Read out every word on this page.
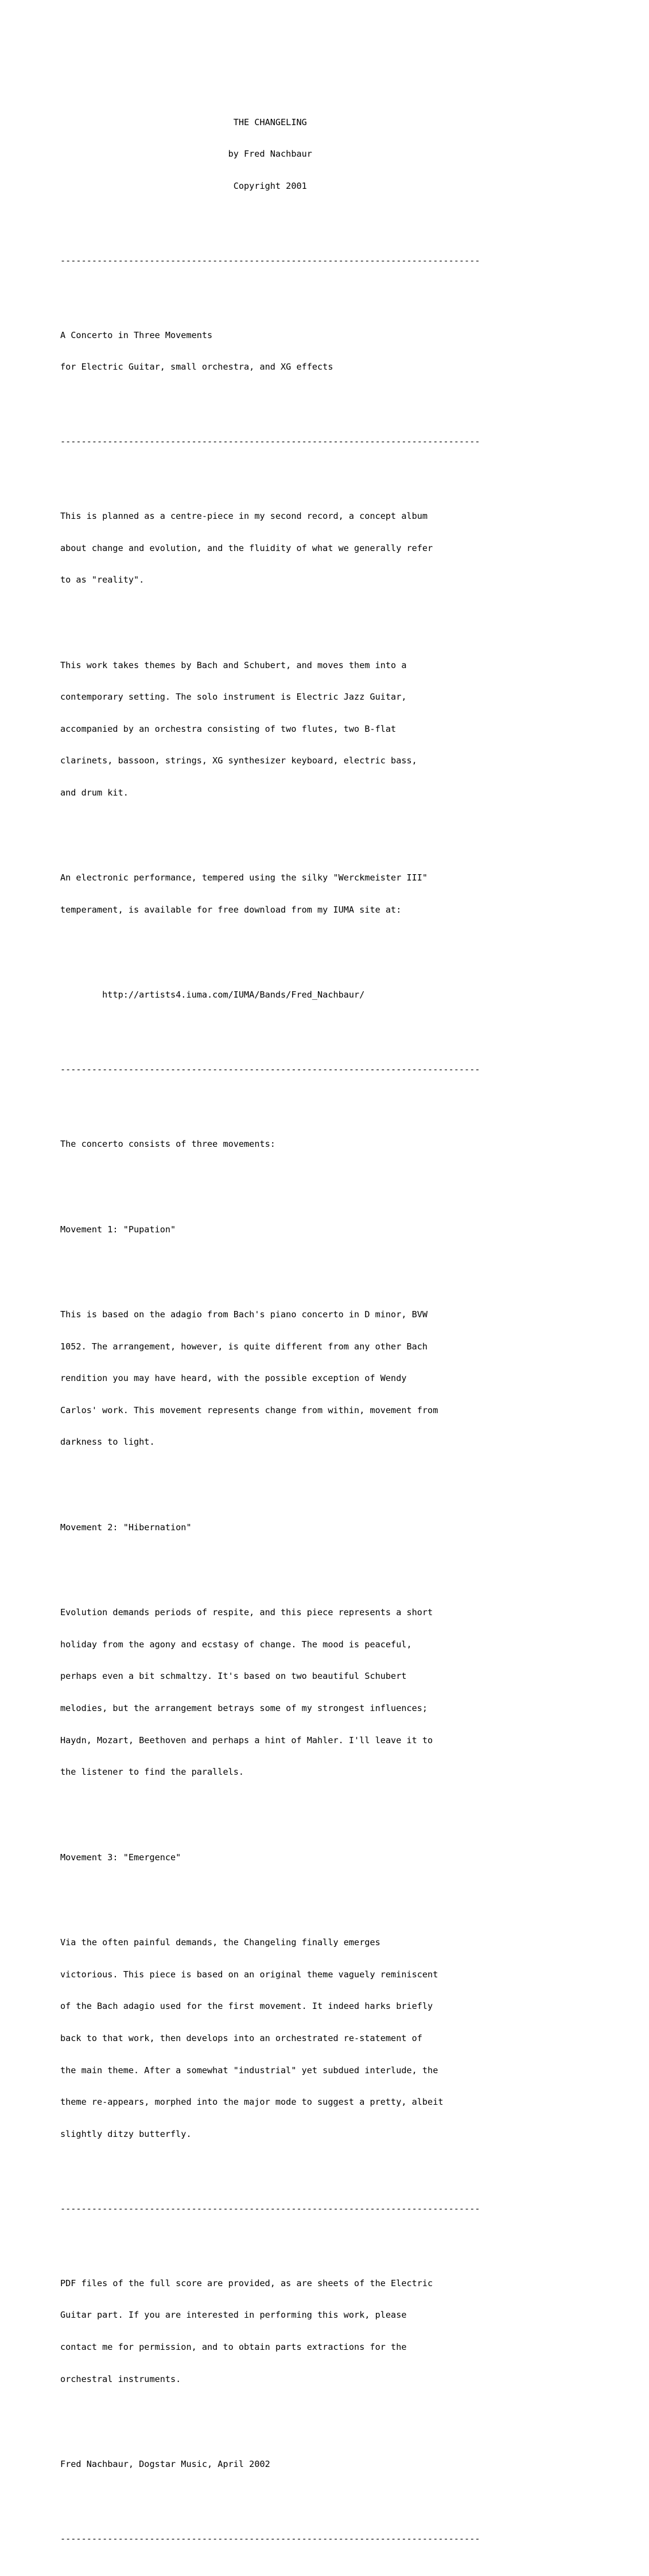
THE CHANGELING

by Fred Nachbaur

Copyright 2001

--------------------------------------------------------------------------------

A Concerto in Three Movements

for Electric Guitar, small orchestra, and XG effects

--------------------------------------------------------------------------------

This is planned as a centre-piece in my second record, a concept album

about change and evolution, and the fluidity of what we generally refer

to as "reality".

This work takes themes by Bach and Schubert, and moves them into a

contemporary setting. The solo instrument is Electric Jazz Guitar,

accompanied by an orchestra consisting of two flutes, two B-flat

clarinets, bassoon, strings, XG synthesizer keyboard, electric bass,

and drum kit.

An electronic performance, tempered using the silky "Werckmeister III"

temperament, is available for free download from my IUMA site at:

http://artists4.iuma.com/IUMA/Bands/Fred_Nachbaur/

--------------------------------------------------------------------------------

The concerto consists of three movements:

Movement 1: "Pupation"

This is based on the adagio from Bach's piano concerto in D minor, BVW

1052. The arrangement, however, is quite different from any other Bach

rendition you may have heard, with the possible exception of Wendy

Carlos' work. This movement represents change from within, movement from

darkness to light.

Movement 2: "Hibernation"

Evolution demands periods of respite, and this piece represents a short

holiday from the agony and ecstasy of change. The mood is peaceful,

perhaps even a bit schmaltzy. It's based on two beautiful Schubert

melodies, but the arrangement betrays some of my strongest influences;

Haydn, Mozart, Beethoven and perhaps a hint of Mahler. I'll leave it to

the listener to find the parallels.

Movement 3: "Emergence"

Via the often painful demands, the Changeling finally emerges

victorious. This piece is based on an original theme vaguely reminiscent

of the Bach adagio used for the first movement. It indeed harks briefly

back to that work, then develops into an orchestrated re-statement of

the main theme. After a somewhat "industrial" yet subdued interlude, the

theme re-appears, morphed into the major mode to suggest a pretty, albeit

slightly ditzy butterfly.

--------------------------------------------------------------------------------

PDF files of the full score are provided, as are sheets of the Electric

Guitar part. If you are interested in performing this work, please

contact me for permission, and to obtain parts extractions for the

orchestral instruments.

Fred Nachbaur, Dogstar Music, April 2002

--------------------------------------------------------------------------------
